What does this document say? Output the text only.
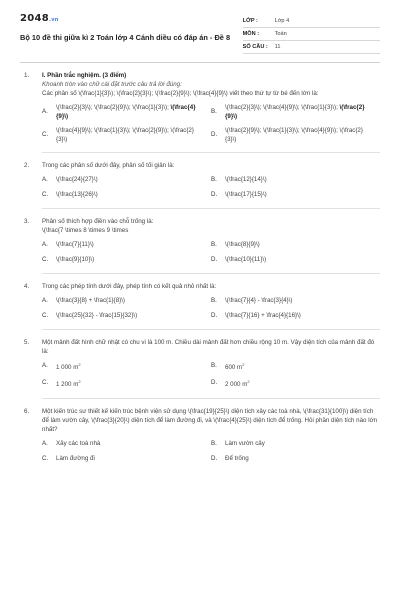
2048.vn
Bộ 10 đề thi giữa kì 2 Toán lớp 4 Cánh diều có đáp án - Đề 8
LỚP :	Lớp 4
MÔN :	Toán
SỐ CÂU :	11
1. I. Phần trắc nghiệm. (3 điểm)
Khoanh tròn vào chữ cái đặt trước câu trả lời đúng:
Các phân số \(\frac{1}{3}\); \(\frac{2}{3}\); \(\frac{2}{9}\); \(\frac{4}{9}\) viết theo thứ tự từ bé đến lớn là:
A.
\(\frac{2}{3}\); \(\frac{2}{9}\); \(\frac{1}{3}\); \(\frac{4}{9}\)
B.
\(\frac{2}{3}\); \(\frac{4}{9}\); \(\frac{1}{3}\); \(\frac{2}{9}\)
C.
\(\frac{4}{9}\); \(\frac{1}{3}\); \(\frac{2}{9}\); \(\frac{2}{3}\)
D.
\(\frac{2}{9}\); \(\frac{1}{3}\); \(\frac{4}{9}\); \(\frac{2}{3}\)
2. Trong các phân số dưới đây, phân số tối giản là:
A.	\(\frac{24}{27}\)	B.	\(\frac{12}{14}\)
C.	\(\frac{13}{26}\)	D.	\(\frac{17}{15}\)
3. Phân số thích hợp điền vào chỗ trống là:
\(\frac{7 \times 8 \times 9 \times
A.	\(\frac{7}{11}\)	B.	\(\frac{8}{9}\)
C.	\(\frac{9}{10}\)	D.	\(\frac{10}{11}\)
4. Trong các phép tính dưới đây, phép tính có kết quả nhỏ nhất là:
A.	\(\frac{3}{8} + \frac{1}{8}\)	B.	\(\frac{7}{4} - \frac{3}{4}\)
C.	\(\frac{25}{32} - \frac{15}{32}\)	D.	\(\frac{7}{16} + \frac{4}{16}\)
5. Một mảnh đất hình chữ nhật có chu vi là 100 m. Chiều dài mảnh đất hơn chiều rộng 10 m. Vậy diện tích của mảnh đất đó là:
A.	1 000 $m^2$	B.	600 $m^2$
C.	1 200 $m^2$	D.	2 000 $m^2$
6. Một kiến trúc sư thiết kế kiến trúc bệnh viện sử dụng \(\frac{19}{25}\) diện tích xây các toà nhà, \(\frac{31}{100}\) diện tích để làm vườn cây, \(\frac{3}{20}\) diện tích để làm đường đi, và \(\frac{4}{25}\) diện tích để trống. Hỏi phần diện tích nào lớn nhất?
A.	Xây các toà nhà	B.	Làm vườn cây
C.	Làm đường đi	D.	Để trống
